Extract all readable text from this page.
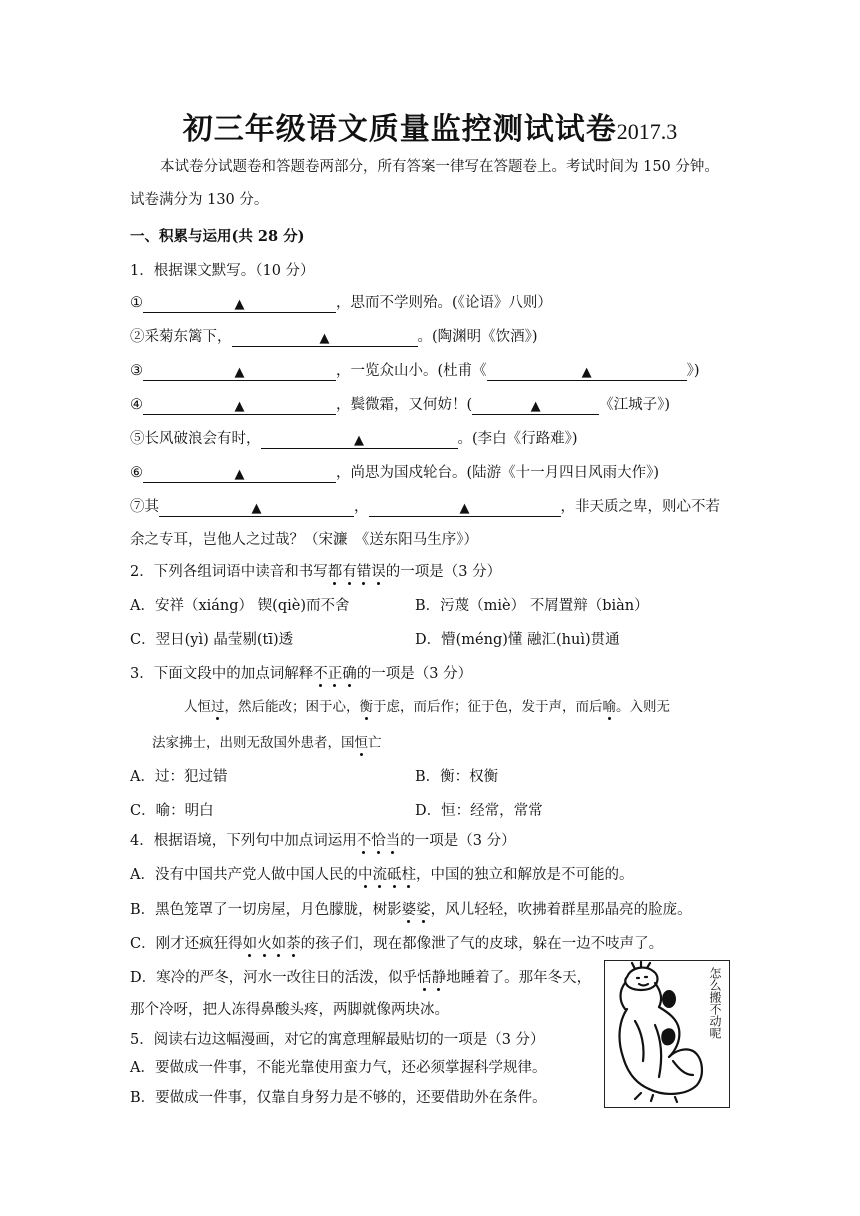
初三年级语文质量监控测试试卷2017.3
本试卷分试题卷和答题卷两部分，所有答案一律写在答题卷上。考试时间为 150 分钟。
试卷满分为 130 分。
一、积累与运用(共 28 分)
1．根据课文默写。（10 分）
①	▲	，思而不学则殆。(《论语》八则）
②采菊东篱下，	▲	。(陶渊明《饮酒》)
③	▲	，一览众山小。(杜甫《	▲	》)
④	▲	，鬓微霜，又何妨！(	▲	《江城子》)
⑤长风破浪会有时，	▲	。(李白《行路难》)
⑥	▲	，尚思为国戍轮台。(陆游《十一月四日风雨大作》)
⑦其	▲	，	▲	，非天质之卑，则心不若
余之专耳，岂他人之过哉？（宋濂　《送东阳马生序》）
2．下列各组词语中读音和书写都有错误的一项是（3 分）
A．安祥（xiáng） 锲(qiè)而不舍	B．污蔑（miè） 不屑置辩（biàn）
C．翌日(yì) 晶莹剔(tī)透	D．懵(méng)懂 融汇(huì)贯通
3．下面文段中的加点词解释不正确的一项是（3 分）
人恒过，然后能改；困于心，衡于虑，而后作；征于色，发于声，而后喻。入则无
法家拂士，出则无敌国外患者，国恒亡
A．过：犯过错	B．衡：权衡
C．喻：明白	D．恒：经常，常常
4．根据语境，下列句中加点词运用不恰当的一项是（3 分）
A．没有中国共产党人做中国人民的中流砥柱，中国的独立和解放是不可能的。
B．黑色笼罩了一切房屋，月色朦胧，树影婆娑，风儿轻轻，吹拂着群星那晶亮的脸庞。
C．刚才还疯狂得如火如荼的孩子们，现在都像泄了气的皮球，躲在一边不吱声了。
D．寒冷的严冬，河水一改往日的活泼，似乎恬静地睡着了。那年冬天，
那个冷呀，把人冻得鼻酸头疼，两脚就像两块冰。
5．阅读右边这幅漫画，对它的寓意理解最贴切的一项是（3 分）
A．要做成一件事，不能光靠使用蛮力气，还必须掌握科学规律。
B．要做成一件事，仅靠自身努力是不够的，还要借助外在条件。
怎么搬不动呢
